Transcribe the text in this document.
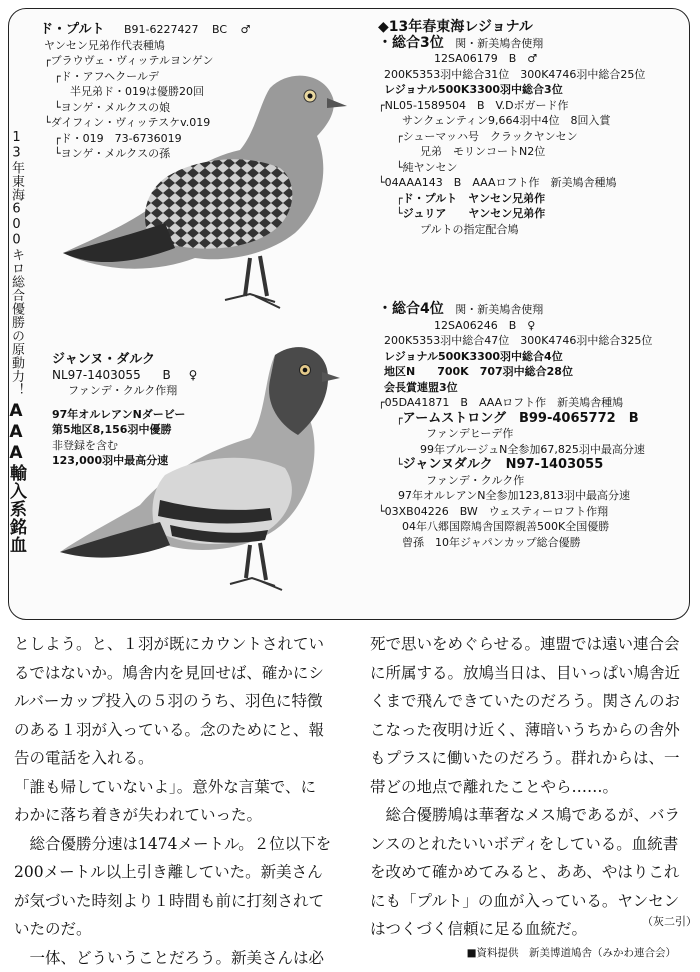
13年東海600キロ総合優勝の原動力！
AAA輸入系銘血
ド・プルト B91-6227427 BC ♂
ヤンセン兄弟作代表種鳩
┌ブラウヴェ・ヴィッテルヨンゲン
┌ド・アフヘクールデ
半兄弟ド・019は優勝20回
└ヨンゲ・メルクスの娘
└ダイフィン・ヴィッテスケv.019
┌ド・019　73-6736019
└ヨンゲ・メルクスの孫
ジャンヌ・ダルク
NL97-1403055 B ♀
ファンデ・クルク作翔
97年オルレアンNダービー
第5地区8,156羽中優勝
非登録を含む
123,000羽中最高分速
◆13年春東海レジョナル
・総合3位 関・新美鳩舎使翔
12SA06179　B　♂
200K5353羽中総合31位　300K4746羽中総合25位
レジョナル500K3300羽中総合3位
┌NL05-1589504　B　V.Dボガード作
サンクェンティン9,664羽中4位　8回入賞
┌シューマッハ号　クラックヤンセン
兄弟　モリンコートN2位
└純ヤンセン
└04AAA143　B　AAAロフト作　新美鳩舎種鳩
┌ド・プルト　ヤンセン兄弟作
└ジュリア　　ヤンセン兄弟作
プルトの指定配合鳩
・総合4位 関・新美鳩舎使翔
12SA06246　B　♀
200K5353羽中総合47位　300K4746羽中総合325位
レジョナル500K3300羽中総合4位
地区N　　700K　707羽中総合28位
会長賞連盟3位
┌05DA41871　B　AAAロフト作　新美鳩舎種鳩
┌アームストロング　B99-4065772　B
ファンデヒーデ作
99年ブルージュN全参加67,825羽中最高分速
└ジャンヌダルク　N97-1403055
ファンデ・クルク作
97年オルレアンN全参加123,813羽中最高分速
└03XB04226　BW　ウェスティーロフト作翔
04年八郷国際鳩舎国際親善500K全国優勝
曾孫　10年ジャパンカップ総合優勝

としよう。と、１羽が既にカウントされてい

るではないか。鳩舎内を見回せば、確かにシ

ルバーカップ投入の５羽のうち、羽色に特徴

のある１羽が入っている。念のためにと、報

告の電話を入れる。

「誰も帰していないよ」。意外な言葉で、に

わかに落ち着きが失われていった。

　総合優勝分速は1474メートル。２位以下を

200メートル以上引き離していた。新美さん

が気づいた時刻より１時間も前に打刻されて

いたのだ。

　一体、どういうことだろう。新美さんは必

死で思いをめぐらせる。連盟では遠い連合会

に所属する。放鳩当日は、目いっぱい鳩舎近

くまで飛んできていたのだろう。関さんのお

こなった夜明け近く、薄暗いうちからの舎外

もプラスに働いたのだろう。群れからは、一

帯どの地点で離れたことやら……。

　総合優勝鳩は華奢なメス鳩であるが、バラ

ンスのとれたいいボディをしている。血統書

を改めて確かめてみると、ああ、やはりこれ

にも「プルト」の血が入っている。ヤンセン

はつくづく信頼に足る血統だ。	（灰二引）
■資料提供　新美博道鳩舎（みかわ連合会）
